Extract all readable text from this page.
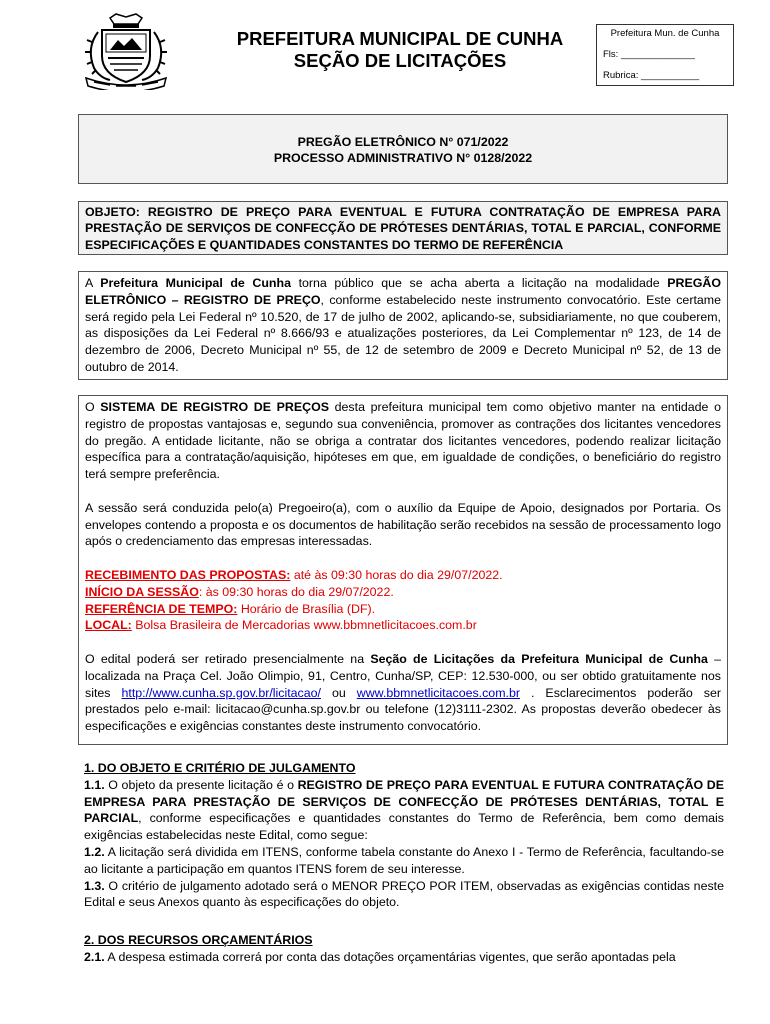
PREFEITURA MUNICIPAL DE CUNHA
SEÇÃO DE LICITAÇÕES
Prefeitura Mun. de Cunha
Fls: ______________
Rubrica: ___________
PREGÃO ELETRÔNICO N° 071/2022
PROCESSO ADMINISTRATIVO N° 0128/2022

OBJETO: REGISTRO DE PREÇO PARA EVENTUAL E FUTURA CONTRATAÇÃO DE EMPRESA PARA PRESTAÇÃO DE SERVIÇOS DE CONFECÇÃO DE PRÓTESES DENTÁRIAS, TOTAL E PARCIAL, CONFORME ESPECIFICAÇÕES E QUANTIDADES CONSTANTES DO TERMO DE REFERÊNCIA

A Prefeitura Municipal de Cunha torna público que se acha aberta a licitação na modalidade PREGÃO ELETRÔNICO – REGISTRO DE PREÇO, conforme estabelecido neste instrumento convocatório. Este certame será regido pela Lei Federal nº 10.520, de 17 de julho de 2002, aplicando-se, subsidiariamente, no que couberem, as disposições da Lei Federal nº 8.666/93 e atualizações posteriores, da Lei Complementar nº 123, de 14 de dezembro de 2006, Decreto Municipal nº 55, de 12 de setembro de 2009 e Decreto Municipal nº 52, de 13 de outubro de 2014.

O SISTEMA DE REGISTRO DE PREÇOS desta prefeitura municipal tem como objetivo manter na entidade o registro de propostas vantajosas e, segundo sua conveniência, promover as contrações dos licitantes vencedores do pregão. A entidade licitante, não se obriga a contratar dos licitantes vencedores, podendo realizar licitação específica para a contratação/aquisição, hipóteses em que, em igualdade de condições, o beneficiário do registro terá sempre preferência.

A sessão será conduzida pelo(a) Pregoeiro(a), com o auxílio da Equipe de Apoio, designados por Portaria. Os envelopes contendo a proposta e os documentos de habilitação serão recebidos na sessão de processamento logo após o credenciamento das empresas interessadas.

RECEBIMENTO DAS PROPOSTAS: até às 09:30 horas do dia 29/07/2022.
INÍCIO DA SESSÃO: às 09:30 horas do dia 29/07/2022.
REFERÊNCIA DE TEMPO: Horário de Brasília (DF).
LOCAL: Bolsa Brasileira de Mercadorias www.bbmnetlicitacoes.com.br

O edital poderá ser retirado presencialmente na Seção de Licitações da Prefeitura Municipal de Cunha – localizada na Praça Cel. João Olimpio, 91, Centro, Cunha/SP, CEP: 12.530-000, ou ser obtido gratuitamente nos sites http://www.cunha.sp.gov.br/licitacao/ ou www.bbmnetlicitacoes.com.br . Esclarecimentos poderão ser prestados pelo e-mail: licitacao@cunha.sp.gov.br ou telefone (12)3111-2302. As propostas deverão obedecer às especificações e exigências constantes deste instrumento convocatório.

1. DO OBJETO E CRITÉRIO DE JULGAMENTO

1.1. O objeto da presente licitação é o REGISTRO DE PREÇO PARA EVENTUAL E FUTURA CONTRATAÇÃO DE EMPRESA PARA PRESTAÇÃO DE SERVIÇOS DE CONFECÇÃO DE PRÓTESES DENTÁRIAS, TOTAL E PARCIAL, conforme especificações e quantidades constantes do Termo de Referência, bem como demais exigências estabelecidas neste Edital, como segue:

1.2. A licitação será dividida em ITENS, conforme tabela constante do Anexo I - Termo de Referência, facultando-se ao licitante a participação em quantos ITENS forem de seu interesse.

1.3. O critério de julgamento adotado será o MENOR PREÇO POR ITEM, observadas as exigências contidas neste Edital e seus Anexos quanto às especificações do objeto.

2. DOS RECURSOS ORÇAMENTÁRIOS

2.1. A despesa estimada correrá por conta das dotações orçamentárias vigentes, que serão apontadas pela
